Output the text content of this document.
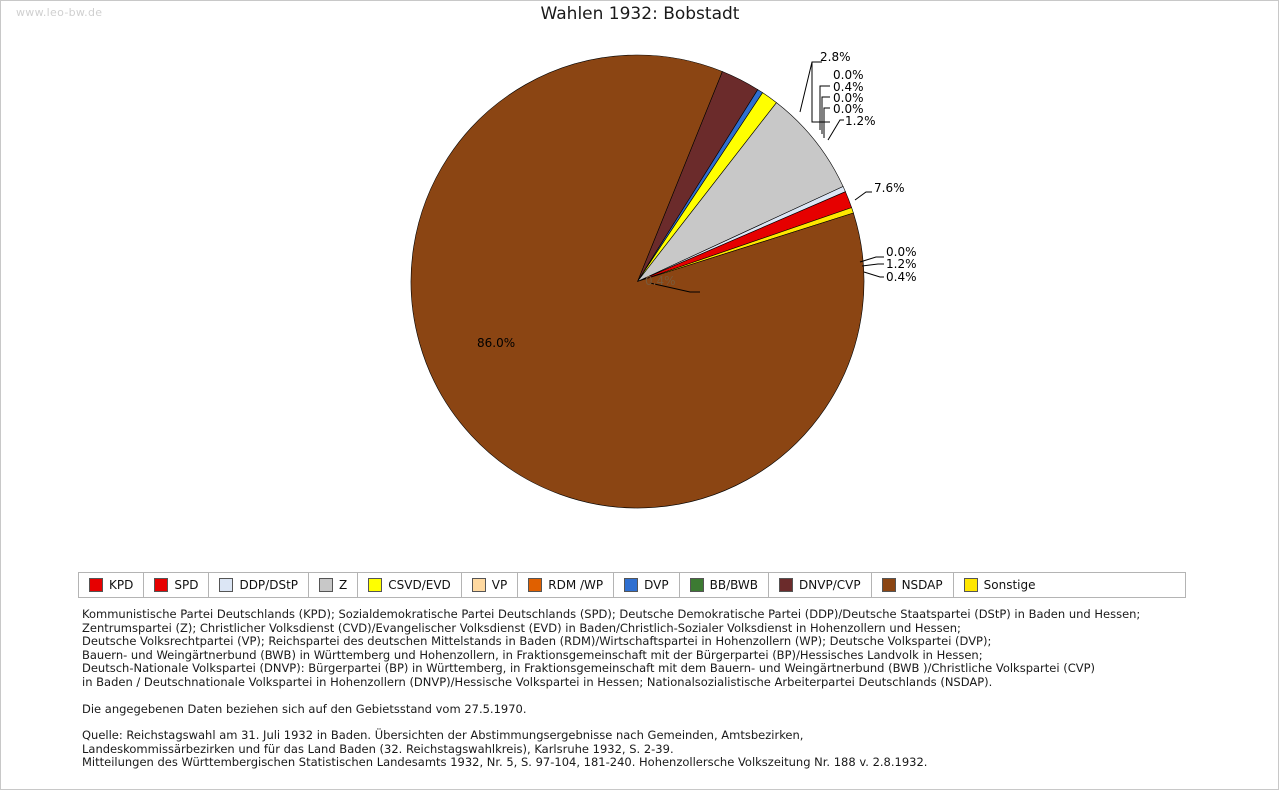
www.leo-bw.de	Wahlen 1932: Bobstadt
2.8%
0.0%
0.4%
0.0%
0.0%
1.2%
7.6%
0.0%
1.2%
0.4%
0.4%
86.0%
KPD	SPD	DDP/DStP	Z	CSVD/EVD	VP	RDM /WP	DVP	BB/BWB	DNVP/CVP	NSDAP	Sonstige

Kommunistische Partei Deutschlands (KPD); Sozialdemokratische Partei Deutschlands (SPD); Deutsche Demokratische Partei (DDP)/Deutsche Staatspartei (DStP) in Baden und Hessen;

Zentrumspartei (Z); Christlicher Volksdienst (CVD)/Evangelischer Volksdienst (EVD) in Baden/Christlich-Sozialer Volksdienst in Hohenzollern und Hessen;

Deutsche Volksrechtpartei (VP); Reichspartei des deutschen Mittelstands in Baden (RDM)/Wirtschaftspartei in Hohenzollern (WP); Deutsche Volkspartei (DVP);

Bauern- und Weingärtnerbund (BWB) in Württemberg und Hohenzollern, in Fraktionsgemeinschaft mit der Bürgerpartei (BP)/Hessisches Landvolk in Hessen;

Deutsch-Nationale Volkspartei (DNVP): Bürgerpartei (BP) in Württemberg, in Fraktionsgemeinschaft mit dem Bauern- und Weingärtnerbund (BWB )/Christliche Volkspartei (CVP)

in Baden / Deutschnationale Volkspartei in Hohenzollern (DNVP)/Hessische Volkspartei in Hessen; Nationalsozialistische Arbeiterpartei Deutschlands (NSDAP).

Die angegebenen Daten beziehen sich auf den Gebietsstand vom 27.5.1970.

Quelle: Reichstagswahl am 31. Juli 1932 in Baden. Übersichten der Abstimmungsergebnisse nach Gemeinden, Amtsbezirken,

Landeskommissärbezirken und für das Land Baden (32. Reichstagswahlkreis), Karlsruhe 1932, S. 2-39.

Mitteilungen des Württembergischen Statistischen Landesamts 1932, Nr. 5, S. 97-104, 181-240. Hohenzollersche Volkszeitung Nr. 188 v. 2.8.1932.
